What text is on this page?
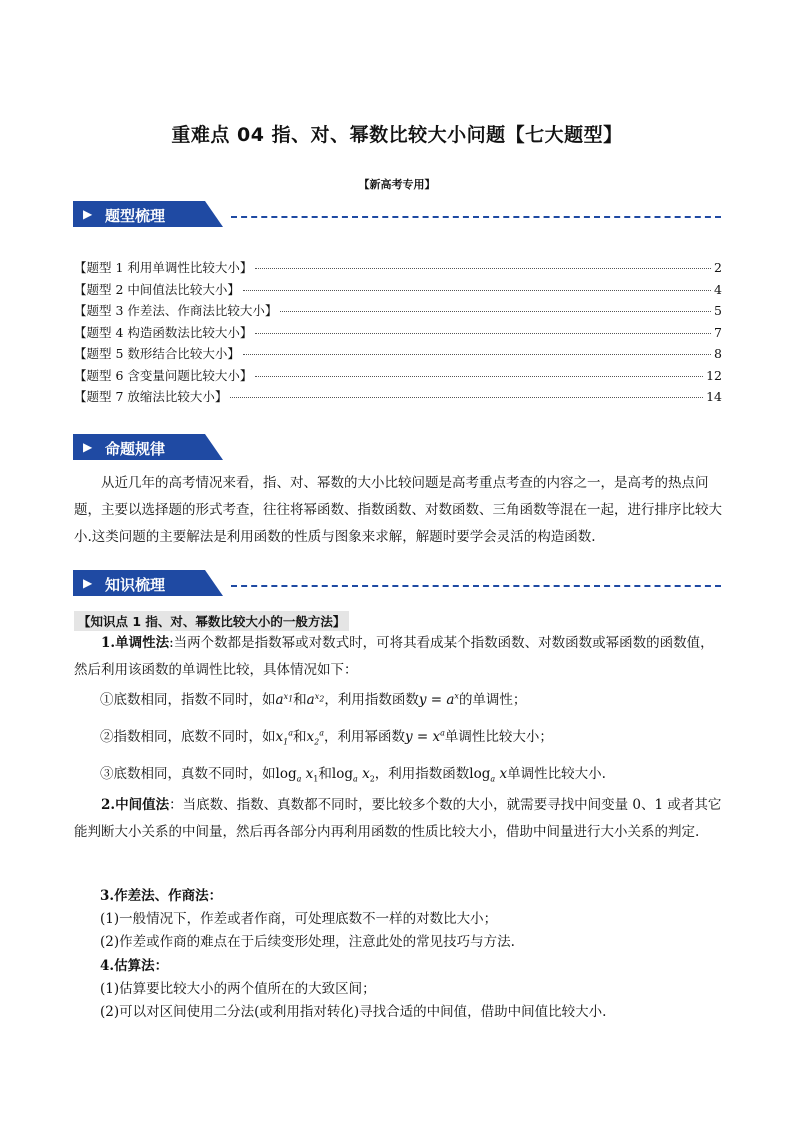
重难点 04 指、对、幂数比较大小问题【七大题型】
【新高考专用】
▶ 题型梳理
【题型 1 利用单调性比较大小】	2
【题型 2 中间值法比较大小】	4
【题型 3 作差法、作商法比较大小】	5
【题型 4 构造函数法比较大小】	7
【题型 5 数形结合比较大小】	8
【题型 6 含变量问题比较大小】	12
【题型 7 放缩法比较大小】	14
▶ 命题规律
从近几年的高考情况来看，指、对、幂数的大小比较问题是高考重点考查的内容之一，是高考的热点问题，主要以选择题的形式考查，往往将幂函数、指数函数、对数函数、三角函数等混在一起，进行排序比较大小.这类问题的主要解法是利用函数的性质与图象来求解，解题时要学会灵活的构造函数.
▶ 知识梳理
【知识点 1 指、对、幂数比较大小的一般方法】
1.单调性法:当两个数都是指数幂或对数式时，可将其看成某个指数函数、对数函数或幂函数的函数值，然后利用该函数的单调性比较，具体情况如下：
①底数相同，指数不同时，如$a^{x_1}$和$a^{x_2}$，利用指数函数$y = a^x$的单调性；
②指数相同，底数不同时，如$x_1^a$和$x_2^a$，利用幂函数$y = x^a$单调性比较大小；
③底数相同，真数不同时，如$\log_a x_1$和$\log_a x_2$，利用指数函数$\log_a x$单调性比较大小.
2.中间值法：当底数、指数、真数都不同时，要比较多个数的大小，就需要寻找中间变量 0、1 或者其它能判断大小关系的中间量，然后再各部分内再利用函数的性质比较大小，借助中间量进行大小关系的判定.
3.作差法、作商法：
(1)一般情况下，作差或者作商，可处理底数不一样的对数比大小；
(2)作差或作商的难点在于后续变形处理，注意此处的常见技巧与方法.
4.估算法：
(1)估算要比较大小的两个值所在的大致区间；
(2)可以对区间使用二分法(或利用指对转化)寻找合适的中间值，借助中间值比较大小.
